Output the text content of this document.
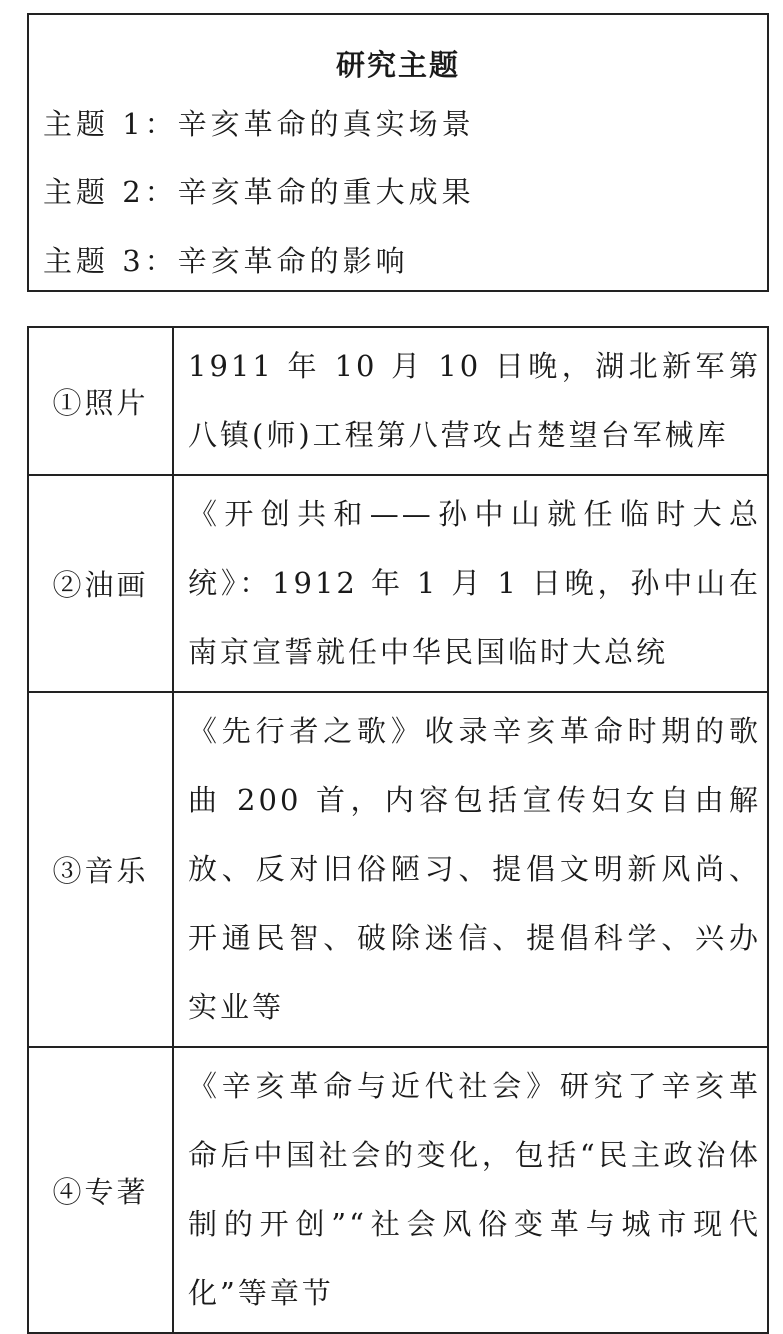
研究主题
主题 1：辛亥革命的真实场景
主题 2：辛亥革命的重大成果
主题 3：辛亥革命的影响
①照片	1911 年 10 月 10 日晚，湖北新军第八镇(师)工程第八营攻占楚望台军械库
②油画	《开创共和——孙中山就任临时大总统》：1912 年 1 月 1 日晚，孙中山在南京宣誓就任中华民国临时大总统
③音乐	《先行者之歌》收录辛亥革命时期的歌曲 200 首，内容包括宣传妇女自由解放、反对旧俗陋习、提倡文明新风尚、开通民智、破除迷信、提倡科学、兴办实业等
④专著	《辛亥革命与近代社会》研究了辛亥革命后中国社会的变化，包括“民主政治体制的开创”“社会风俗变革与城市现代化”等章节
